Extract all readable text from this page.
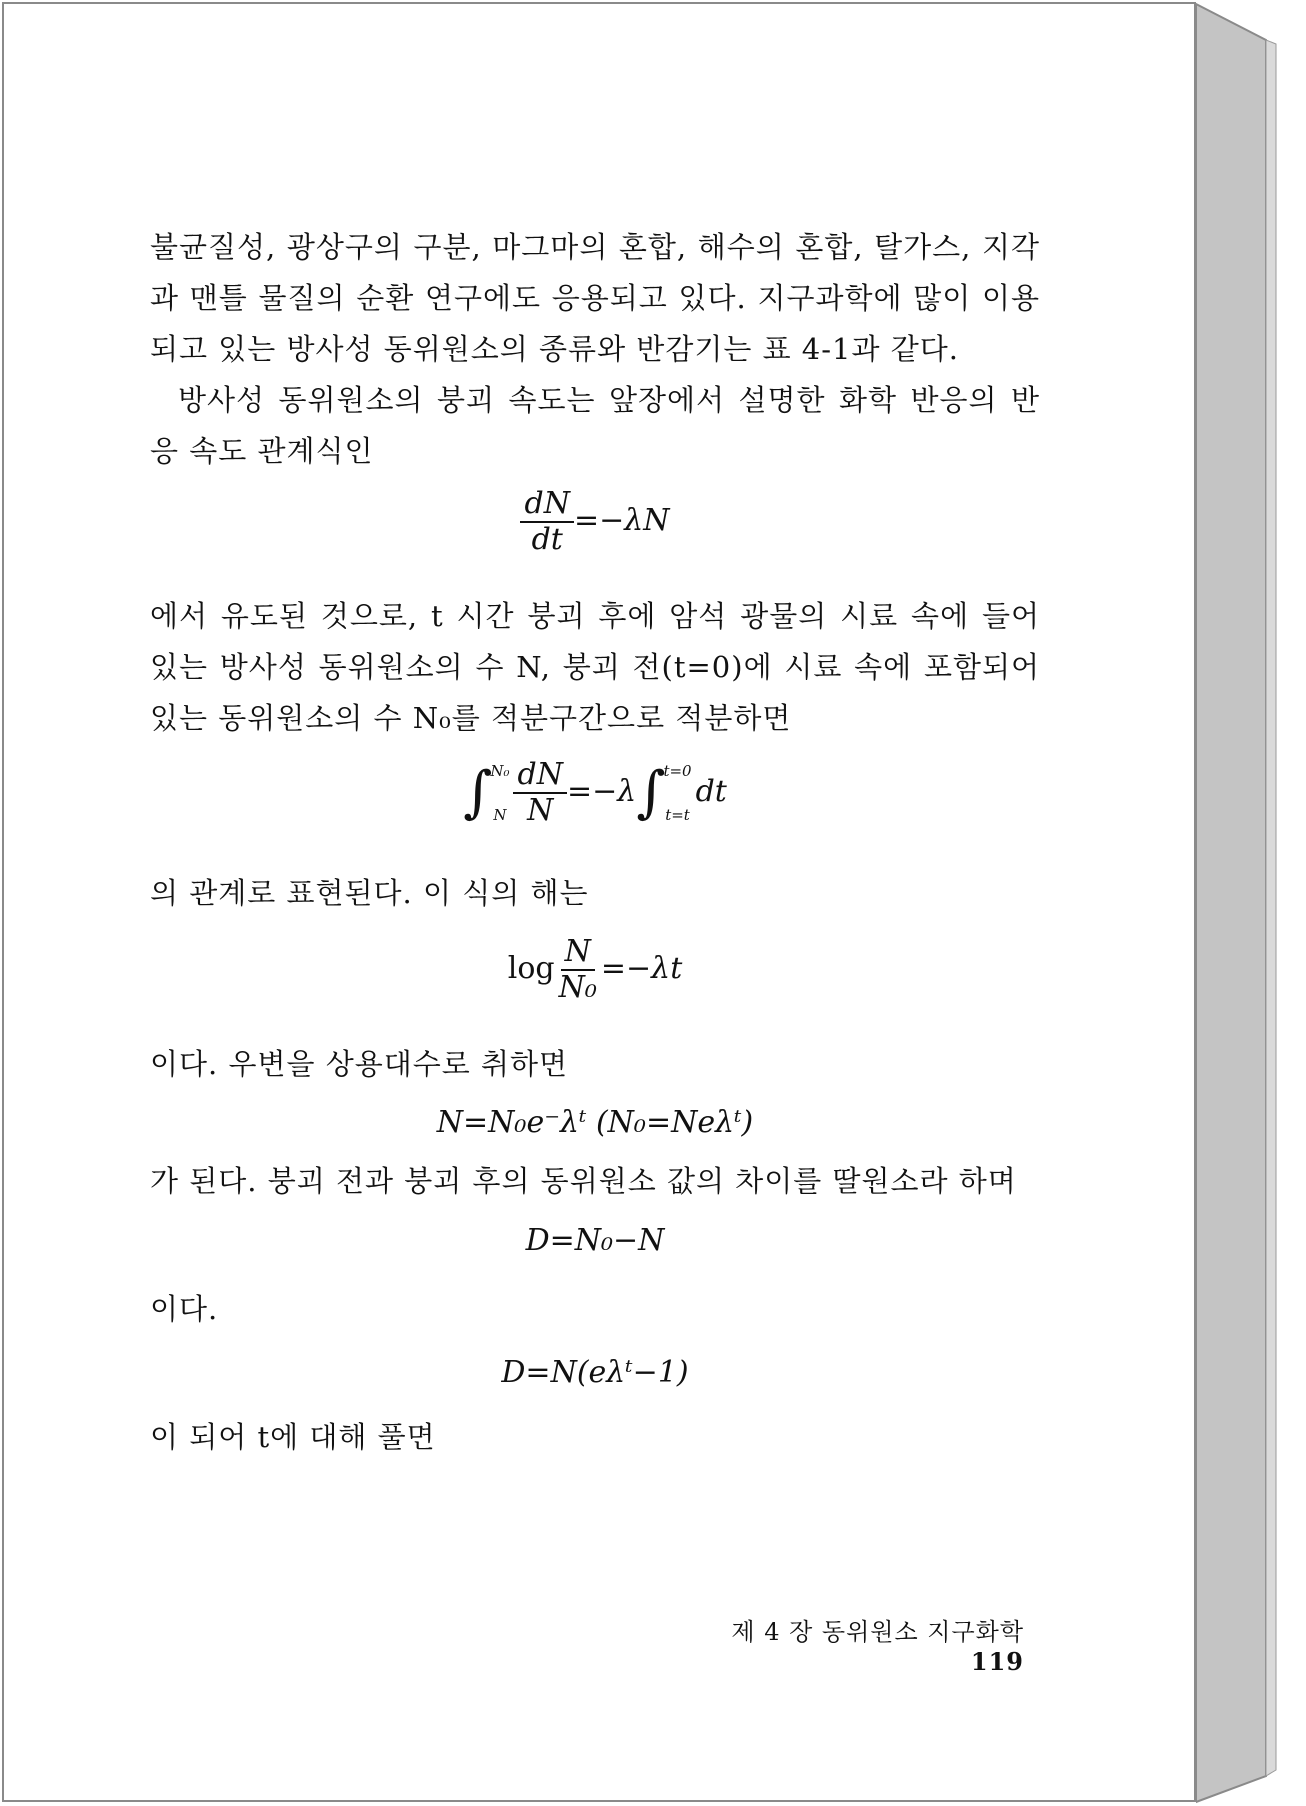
불균질성, 광상구의 구분, 마그마의 혼합, 해수의 혼합, 탈가스, 지각과 맨틀 물질의 순환 연구에도 응용되고 있다. 지구과학에 많이 이용되고 있는 방사성 동위원소의 종류와 반감기는 표 4-1과 같다.

방사성 동위원소의 붕괴 속도는 앞장에서 설명한 화학 반응의 반응 속도 관계식인

$\frac{dN}{dt} =-\lambda N$

에서 유도된 것으로, t 시간 붕괴 후에 암석 광물의 시료 속에 들어 있는 방사성 동위원소의 수 N, 붕괴 전(t=0)에 시료 속에 포함되어 있는 동위원소의 수 N₀를 적분구간으로 적분하면

∫
N₀
N $\frac{dN}{N} =-\lambda$ ∫
t=0
t=t
dt

의 관계로 표현된다. 이 식의 해는

$\log \frac{N}{\text{N₀}} =-\lambda t$

이다. 우변을 상용대수로 취하면

N=N₀e⁻λᵗ (N₀=Neλᵗ)

가 된다. 붕괴 전과 붕괴 후의 동위원소 값의 차이를 딸원소라 하며

D=N₀−N

이다.

D=N(eλᵗ−1)

이 되어 t에 대해 풀면

제 4 장 동위원소 지구화학119
